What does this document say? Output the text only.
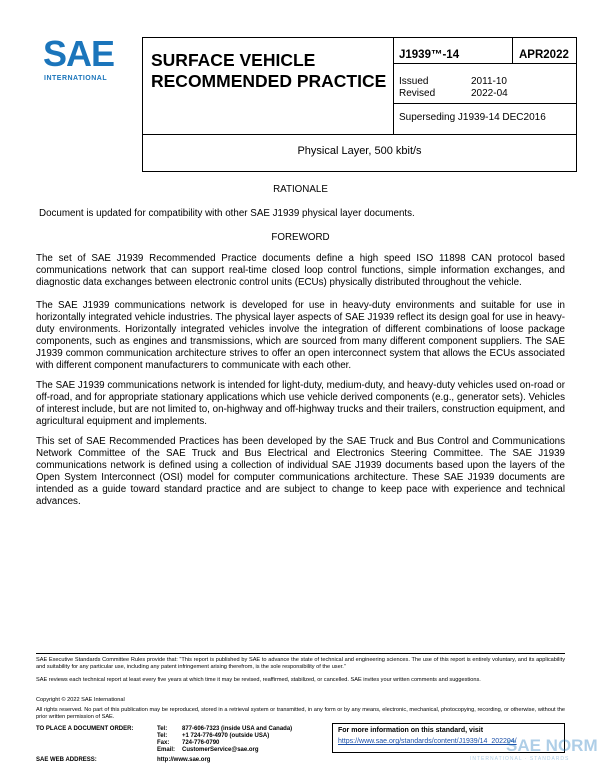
SAE
INTERNATIONAL
SURFACE VEHICLE
RECOMMENDED PRACTICE
J1939™-14	APR2022
Issued	2011-10
Revised	2022-04
Superseding J1939-14 DEC2016
Physical Layer, 500 kbit/s
RATIONALE
Document is updated for compatibility with other SAE J1939 physical layer documents.
FOREWORD
The set of SAE J1939 Recommended Practice documents define a high speed ISO 11898 CAN protocol based communications network that can support real-time closed loop control functions, simple information exchanges, and diagnostic data exchanges between electronic control units (ECUs) physically distributed throughout the vehicle.
The SAE J1939 communications network is developed for use in heavy-duty environments and suitable for use in horizontally integrated vehicle industries. The physical layer aspects of SAE J1939 reflect its design goal for use in heavy-duty environments. Horizontally integrated vehicles involve the integration of different combinations of loose package components, such as engines and transmissions, which are sourced from many different component suppliers. The SAE J1939 common communication architecture strives to offer an open interconnect system that allows the ECUs associated with different component manufacturers to communicate with each other.
The SAE J1939 communications network is intended for light-duty, medium-duty, and heavy-duty vehicles used on-road or off-road, and for appropriate stationary applications which use vehicle derived components (e.g., generator sets). Vehicles of interest include, but are not limited to, on-highway and off-highway trucks and their trailers, construction equipment, and agricultural equipment and implements.
This set of SAE Recommended Practices has been developed by the SAE Truck and Bus Control and Communications Network Committee of the SAE Truck and Bus Electrical and Electronics Steering Committee. The SAE J1939 communications network is defined using a collection of individual SAE J1939 documents based upon the layers of the Open System Interconnect (OSI) model for computer communications architecture. These SAE J1939 documents are intended as a guide toward standard practice and are subject to change to keep pace with experience and technical advances.
SAE Executive Standards Committee Rules provide that: “This report is published by SAE to advance the state of technical and engineering sciences. The use of this report is entirely voluntary, and its applicability and suitability for any particular use, including any patent infringement arising therefrom, is the sole responsibility of the user.”
SAE reviews each technical report at least every five years at which time it may be revised, reaffirmed, stabilized, or cancelled. SAE invites your written comments and suggestions.
Copyright © 2022 SAE International
All rights reserved. No part of this publication may be reproduced, stored in a retrieval system or transmitted, in any form or by any means, electronic, mechanical, photocopying, recording, or otherwise, without the prior written permission of SAE.
TO PLACE A DOCUMENT ORDER:	Tel: 877-606-7323 (inside USA and Canada)
Tel: +1 724-776-4970 (outside USA)
Fax: 724-776-0790
Email: CustomerService@sae.org
SAE WEB ADDRESS:	http://www.sae.org
For more information on this standard, visit
https://www.sae.org/standards/content/J1939/14_202204/
SAE NORM
INTERNATIONAL · STANDARDS
